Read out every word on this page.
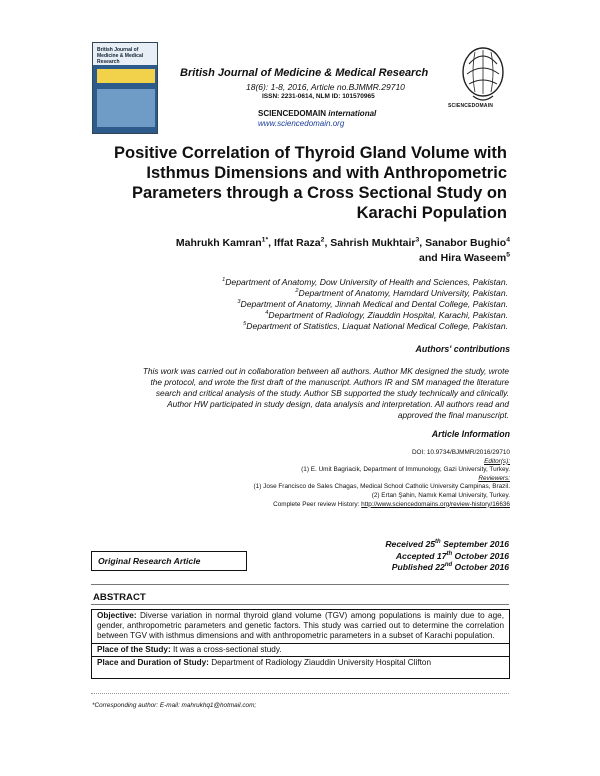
British Journal of
Medicine & Medical
Research
British Journal of Medicine & Medical Research
18(6): 1-8, 2016, Article no.BJMMR.29710
ISSN: 2231-0614, NLM ID: 101570965
SCIENCEDOMAIN international
www.sciencedomain.org
SCIENCEDOMAIN
Positive Correlation of Thyroid Gland Volume with Isthmus Dimensions and with Anthropometric Parameters through a Cross Sectional Study on Karachi Population
Mahrukh Kamran$^{1*}$, Iffat Raza$^2$, Sahrish Mukhtair$^3$, Sanabor Bughio$^4$
and Hira Waseem$^5$
$^1$Department of Anatomy, Dow University of Health and Sciences, Pakistan.
$^2$Department of Anatomy, Hamdard University, Pakistan.
$^3$Department of Anatomy, Jinnah Medical and Dental College, Pakistan.
$^4$Department of Radiology, Ziauddin Hospital, Karachi, Pakistan.
$^5$Department of Statistics, Liaquat National Medical College, Pakistan.
Authors' contributions
This work was carried out in collaboration between all authors. Author MK designed the study, wrote
the protocol, and wrote the first draft of the manuscript. Authors IR and SM managed the literature
search and critical analysis of the study. Author SB supported the study technically and clinically.
Author HW participated in study design, data analysis and interpretation. All authors read and
approved the final manuscript.
Article Information
DOI: 10.9734/BJMMR/2016/29710
Editor(s):
(1) E. Umit Bagriacik, Department of Immunology, Gazi University, Turkey.
Reviewers:
(1) Jose Francisco de Sales Chagas, Medical School Catholic University Campinas, Brazil.
(2) Ertan Şahin, Namık Kemal University, Turkey.
Complete Peer review History: http://www.sciencedomains.org/review-history/16636
Received 25th September 2016
Accepted 17th October 2016
Published 22nd October 2016
Original Research Article
ABSTRACT
Objective: Diverse variation in normal thyroid gland volume (TGV) among populations is mainly due to age, gender, anthropometric parameters and genetic factors. This study was carried out to determine the correlation between TGV with isthmus dimensions and with anthropometric parameters in a subset of Karachi population.
Place of the Study: It was a cross-sectional study.
Place and Duration of Study: Department of Radiology Ziauddin University Hospital Clifton
*Corresponding author: E-mail: mahrukhq1@hotmail.com;
